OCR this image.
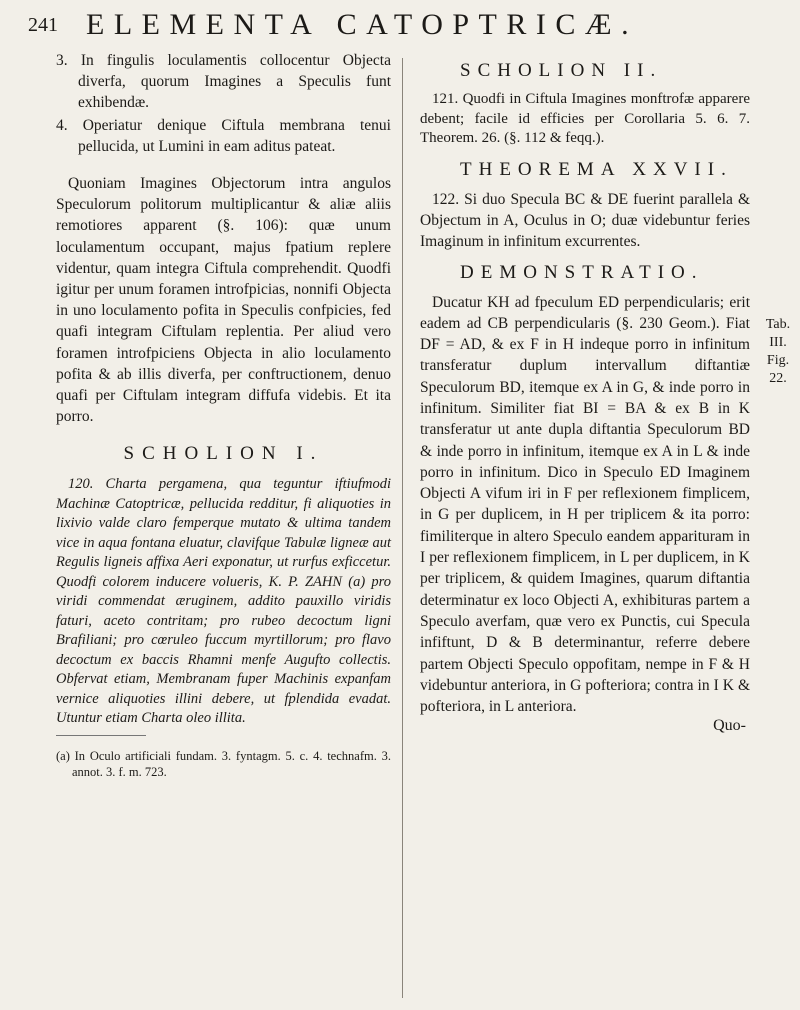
241 ELEMENTA CATOPTRICÆ.

3. In fingulis loculamentis collocentur Objecta diverfa, quorum Imagines a Speculis funt exhibendæ.

4. Operiatur denique Ciftula membrana tenui pellucida, ut Lumini in eam aditus pateat.

Quoniam Imagines Objectorum intra angulos Speculorum politorum multiplicantur & aliæ aliis remotiores apparent (§. 106): quæ unum loculamentum occupant, majus fpatium replere videntur, quam integra Ciftula comprehendit. Quodfi igitur per unum foramen introfpicias, nonnifi Objecta in uno loculamento pofita in Speculis confpicies, fed quafi integram Ciftulam replentia. Per aliud vero foramen introfpiciens Objecta in alio loculamento pofita & ab illis diverfa, per conftructionem, denuo quafi per Ciftulam integram diffufa videbis. Et ita porro.

SCHOLION I.

120. Charta pergamena, qua teguntur iftiufmodi Machinæ Catoptricæ, pellucida redditur, fi aliquoties in lixivio valde claro femperque mutato & ultima tandem vice in aqua fontana eluatur, clavifque Tabulæ ligneæ aut Regulis ligneis affixa Aeri exponatur, ut rurfus exficcetur. Quodfi colorem inducere volueris, K. P. ZAHN (a) pro viridi commendat æruginem, addito pauxillo viridis faturi, aceto contritam; pro rubeo decoctum ligni Brafiliani; pro cœruleo fuccum myrtillorum; pro flavo decoctum ex baccis Rhamni menfe Augufto collectis. Obfervat etiam, Membranam fuper Machinis expanfam vernice aliquoties illini debere, ut fplendida evadat. Utuntur etiam Charta oleo illita.

(a) In Oculo artificiali fundam. 3. fyntagm. 5. c. 4. technafm. 3. annot. 3. f. m. 723.

SCHOLION II.

121. Quodfi in Ciftula Imagines monftrofæ apparere debent; facile id efficies per Corollaria 5. 6. 7. Theorem. 26. (§. 112 & feqq.).

THEOREMA XXVII.

122. Si duo Specula BC & DE fuerint parallela & Objectum in A, Oculus in O; duæ videbuntur feries Imaginum in infinitum excurrentes.

DEMONSTRATIO.

Ducatur KH ad fpeculum ED perpendicularis; erit eadem ad CB perpendicularis (§. 230 Geom.). Fiat DF = AD, & ex F in H indeque porro in infinitum transferatur duplum intervallum diftantiæ Speculorum BD, itemque ex A in G, & inde porro in infinitum. Similiter fiat BI = BA & ex B in K transferatur ut ante dupla diftantia Speculorum BD & inde porro in infinitum, itemque ex A in L & inde porro in infinitum. Dico in Speculo ED Imaginem Objecti A vifum iri in F per reflexionem fimplicem, in G per duplicem, in H per triplicem & ita porro: fimiliterque in altero Speculo eandem apparituram in I per reflexionem fimplicem, in L per duplicem, in K per triplicem, & quidem Imagines, quarum diftantia determinatur ex loco Objecti A, exhibituras partem a Speculo averfam, quæ vero ex Punctis, cui Specula infiftunt, D & B determinantur, referre debere partem Objecti Speculo oppofitam, nempe in F & H videbuntur anteriora, in G pofteriora; contra in I K & pofteriora, in L anteriora.

Quo-

Tab.
III.
Fig. 22.
